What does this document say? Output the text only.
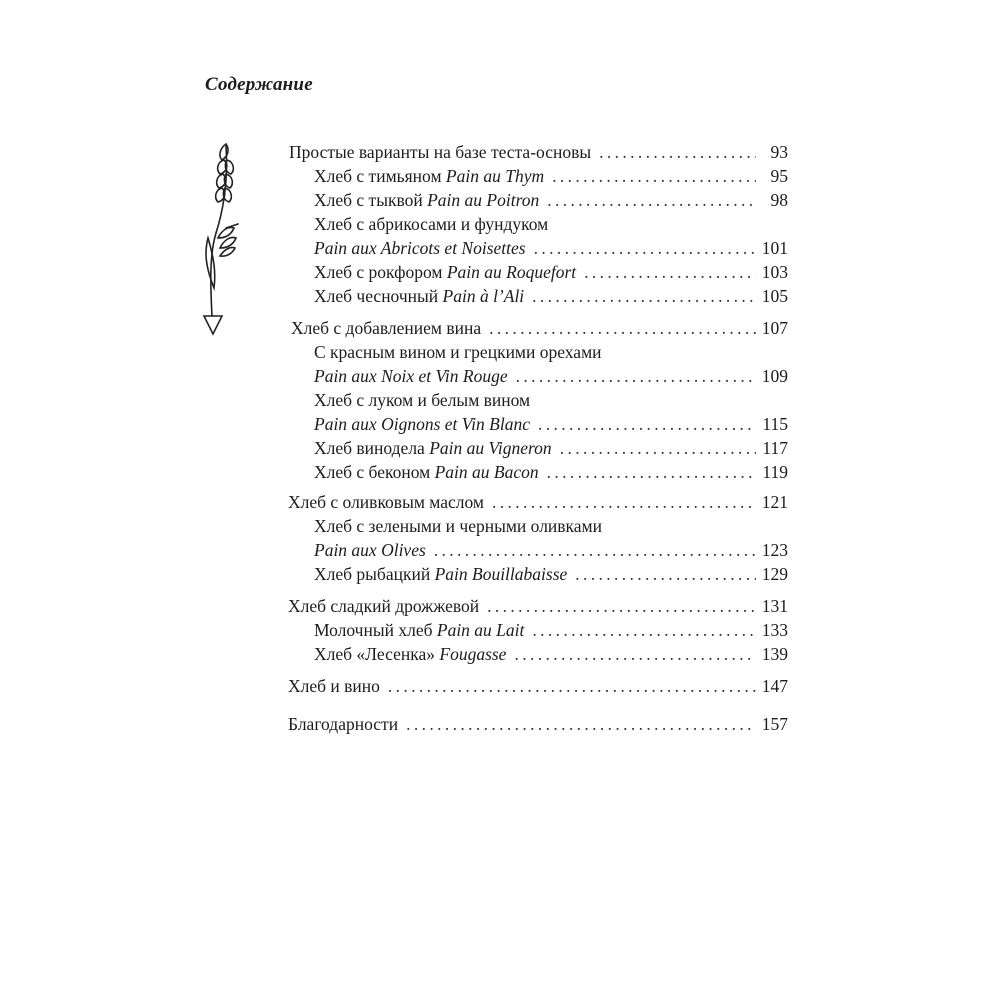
Содержание
Простые варианты на базе теста-основы . . .	93
Хлеб с тимьяном Pain au Thym . . .	95
Хлеб с тыквой Pain au Poitron . . .	98
Хлеб с абрикосами и фундуком
Pain aux Abricots et Noisettes . . .	101
Хлеб с рокфором Pain au Roquefort . . .	103
Хлеб чесночный Pain à l’Ali . . .	105
Хлеб с добавлением вина . . .	107
С красным вином и грецкими орехами
Pain aux Noix et Vin Rouge . . .	109
Хлеб с луком и белым вином
Pain aux Oignons et Vin Blanc . . .	115
Хлеб винодела Pain au Vigneron . . .	117
Хлеб с беконом Pain au Bacon . . .	119
Хлеб с оливковым маслом . . .	121
Хлеб с зелеными и черными оливками
Pain aux Olives . . .	123
Хлеб рыбацкий Pain Bouillabaisse . . .	129
Хлеб сладкий дрожжевой . . .	131
Молочный хлеб Pain au Lait . . .	133
Хлеб «Лесенка» Fougasse . . .	139
Хлеб и вино . . .	147
Благодарности . . .	157
